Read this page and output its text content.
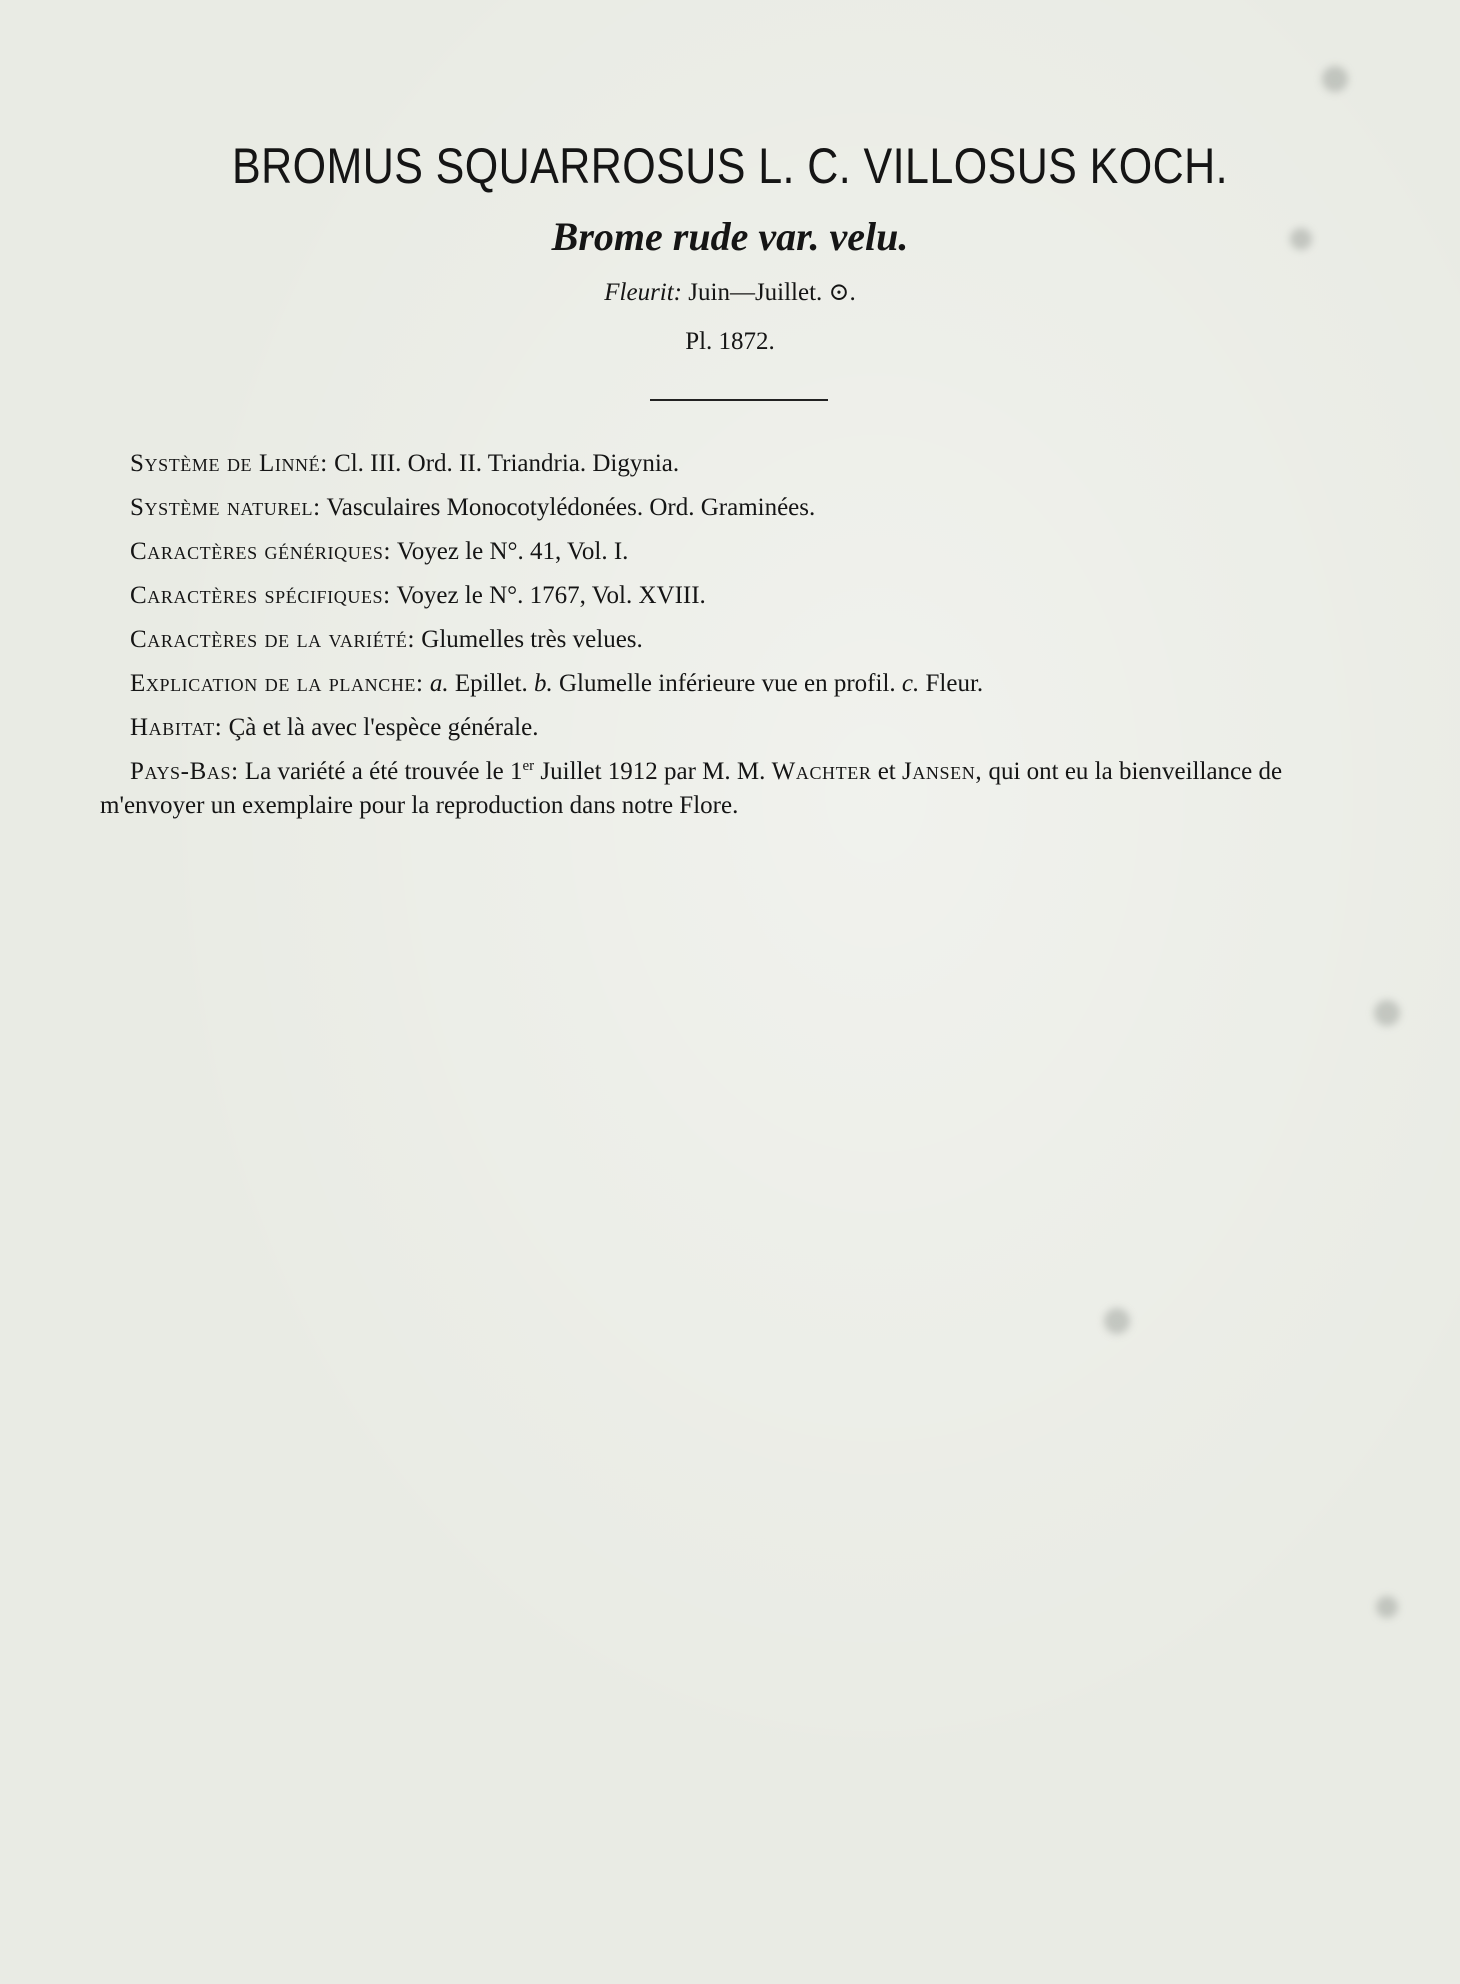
BROMUS SQUARROSUS L. C. VILLOSUS KOCH.
Brome rude var. velu.
Fleurit: Juin—Juillet. ⊙.
Pl. 1872.
Système de Linné: Cl. III. Ord. II. Triandria. Digynia.
Système naturel: Vasculaires Monocotylédonées. Ord. Graminées.
Caractères génériques: Voyez le N°. 41, Vol. I.
Caractères spécifiques: Voyez le N°. 1767, Vol. XVIII.
Caractères de la variété: Glumelles très velues.
Explication de la planche: a. Epillet. b. Glumelle inférieure vue en profil. c. Fleur.
Habitat: Çà et là avec l'espèce générale.
Pays-Bas: La variété a été trouvée le 1er Juillet 1912 par M. M. Wachter et Jansen, qui ont eu la bienveillance de m'envoyer un exemplaire pour la reproduction dans notre Flore.
